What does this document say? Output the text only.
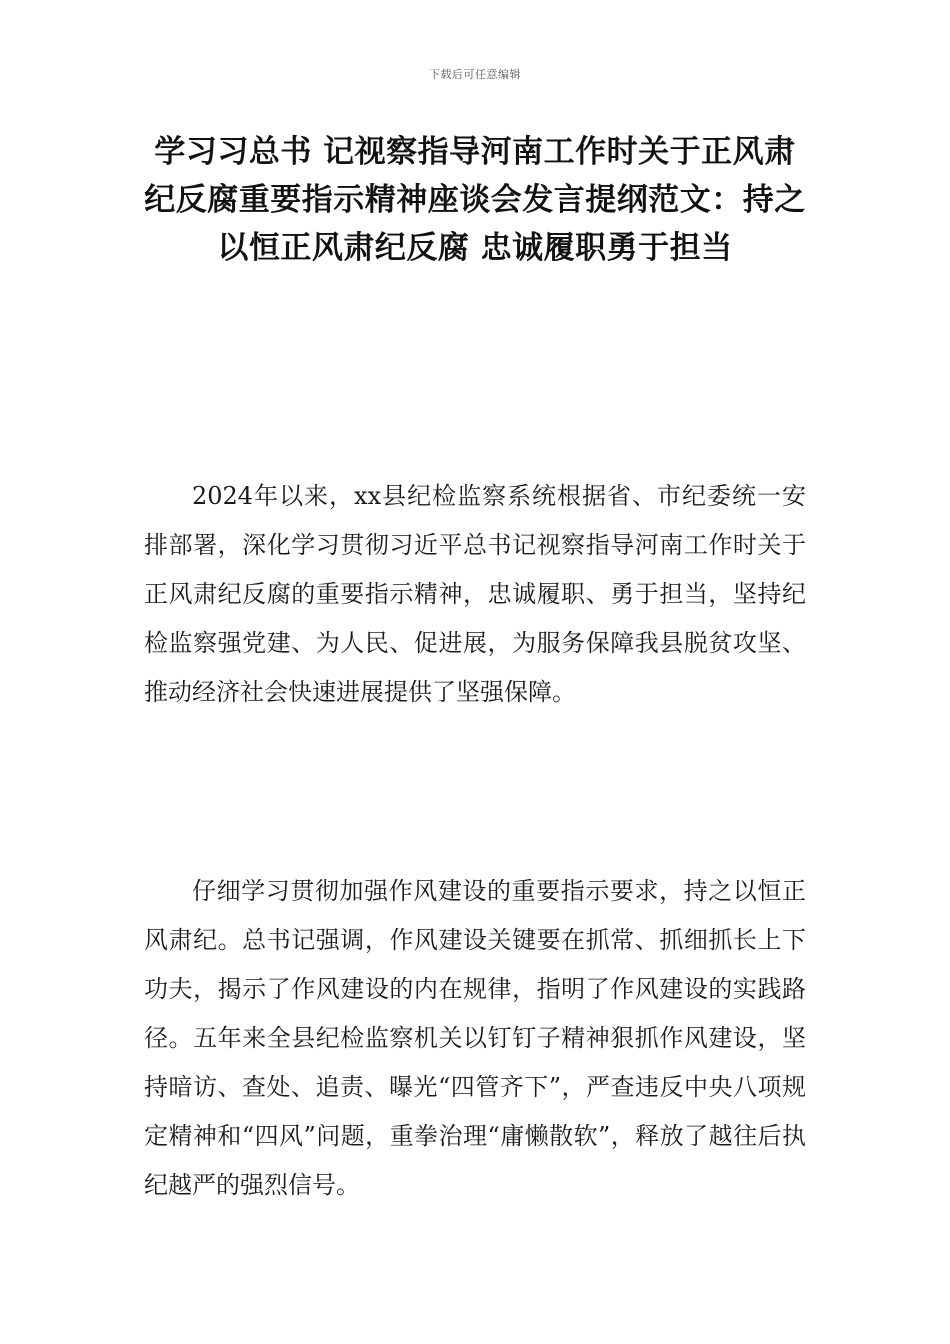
下载后可任意编辑
学习习总书 记视察指导河南工作时关于正风肃纪反腐重要指示精神座谈会发言提纲范文：持之以恒正风肃纪反腐 忠诚履职勇于担当

2024年以来，xx县纪检监察系统根据省、市纪委统一安排部署，深化学习贯彻习近平总书记视察指导河南工作时关于正风肃纪反腐的重要指示精神，忠诚履职、勇于担当，坚持纪检监察强党建、为人民、促进展，为服务保障我县脱贫攻坚、推动经济社会快速进展提供了坚强保障。

仔细学习贯彻加强作风建设的重要指示要求，持之以恒正风肃纪。总书记强调，作风建设关键要在抓常、抓细抓长上下功夫，揭示了作风建设的内在规律，指明了作风建设的实践路径。五年来全县纪检监察机关以钉钉子精神狠抓作风建设，坚持暗访、查处、追责、曝光“四管齐下”，严查违反中央八项规定精神和“四风”问题，重拳治理“庸懒散软”，释放了越往后执纪越严的强烈信号。
